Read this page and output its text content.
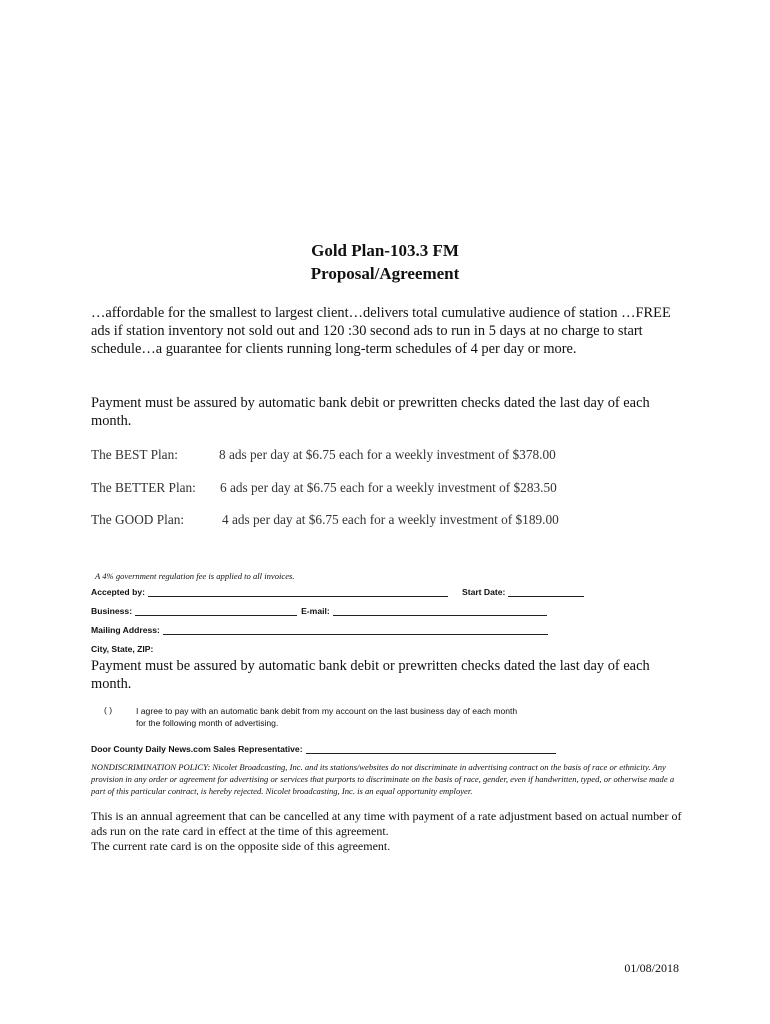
Gold Plan-103.3 FM
Proposal/Agreement
…affordable for the smallest to largest client…delivers total cumulative audience of station …FREE ads if station inventory not sold out and 120 :30 second ads to run in 5 days at no charge to start schedule…a guarantee for clients running long-term schedules of 4 per day or more.
Payment must be assured by automatic bank debit or prewritten checks dated the last day of each month.
The BEST Plan:	8 ads per day at $6.75 each for a weekly investment of $378.00
The BETTER Plan: 6 ads per day at $6.75 each for a weekly investment of $283.50
The GOOD Plan:	4 ads per day at $6.75 each for a weekly investment of $189.00
A 4% government regulation fee is applied to all invoices.
Accepted by:	Start Date:
Business:	E-mail:
Mailing Address:
City, State, ZIP:
Payment must be assured by automatic bank debit or prewritten checks dated the last day of each month.
( )	I agree to pay with an automatic bank debit from my account on the last business day of each month
for the following month of advertising.
Door County Daily News.com Sales Representative:
NONDISCRIMINATION POLICY: Nicolet Broadcasting, Inc. and its stations/websites do not discriminate in advertising contract on the basis of race or ethnicity. Any provision in any order or agreement for advertising or services that purports to discriminate on the basis of race, gender, even if handwritten, typed, or otherwise made a part of this particular contract, is hereby rejected. Nicolet broadcasting, Inc. is an equal opportunity employer.
This is an annual agreement that can be cancelled at any time with payment of a rate adjustment based on actual number of ads run on the rate card in effect at the time of this agreement.
The current rate card is on the opposite side of this agreement.
01/08/2018
